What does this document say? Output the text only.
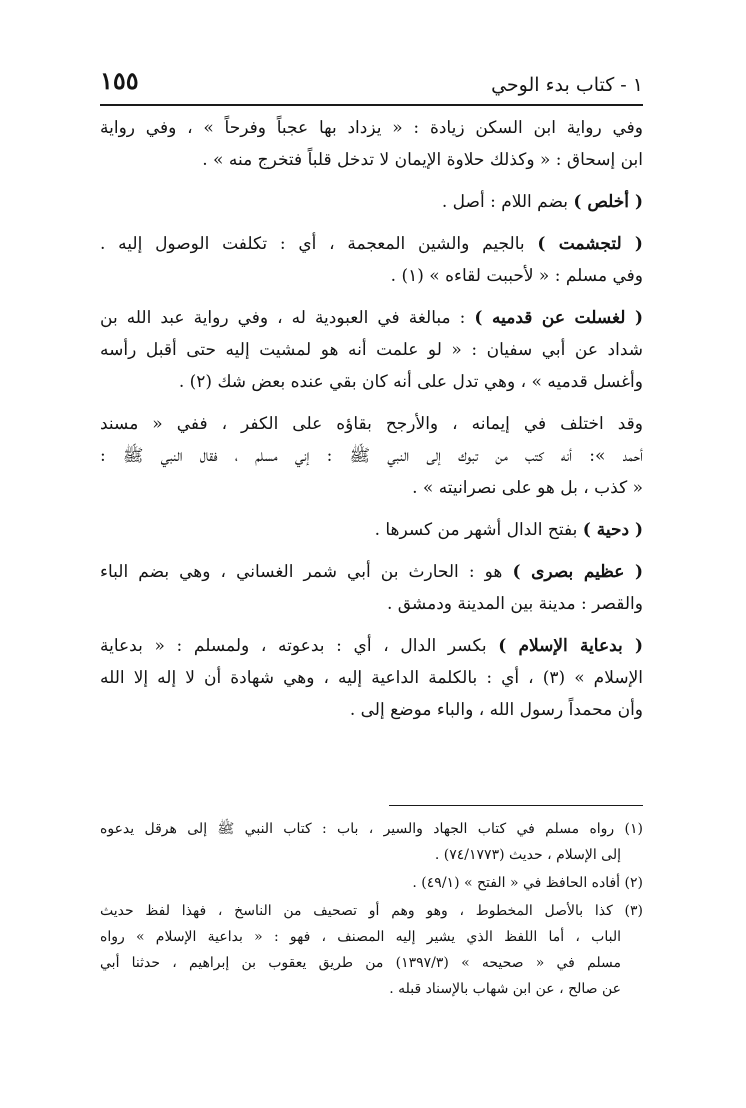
١ - كتاب بدء الوحي
١٥٥
وفي رواية ابن السكن زيادة : « يزداد بها عجباً وفرحاً » ، وفي رواية
ابن إسحاق : « وكذلك حلاوة الإيمان لا تدخل قلباً فتخرج منه » .
( أخلص ) بضم اللام : أصل .
( لتجشمت ) بالجيم والشين المعجمة ، أي : تكلفت الوصول إليه .
وفي مسلم : « لأحببت لقاءه » (١) .
( لغسلت عن قدميه ) : مبالغة في العبودية له ، وفي رواية عبد الله بن
شداد عن أبي سفيان : « لو علمت أنه هو لمشيت إليه حتى أقبل رأسه
وأغسل قدميه » ، وهي تدل على أنه كان بقي عنده بعض شك (٢) .
وقد اختلف في إيمانه ، والأرجح بقاؤه على الكفر ، ففي « مسند
أحمد »: أنه كتب من تبوك إلى النبي ﷺ : إني مسلم ، فقال النبي ﷺ :
« كذب ، بل هو على نصرانيته » .
( دحية ) بفتح الدال أشهر من كسرها .
( عظيم بصرى ) هو : الحارث بن أبي شمر الغساني ، وهي بضم الباء
والقصر : مدينة بين المدينة ودمشق .
( بدعاية الإسلام ) بكسر الدال ، أي : بدعوته ، ولمسلم : « بدعاية
الإسلام » (٣) ، أي : بالكلمة الداعية إليه ، وهي شهادة أن لا إله إلا الله
وأن محمداً رسول الله ، والباء موضع إلى .
(١) رواه مسلم في كتاب الجهاد والسير ، باب : كتاب النبي ﷺ إلى هرقل يدعوه
إلى الإسلام ، حديث (٧٤/١٧٧٣) .
(٢) أفاده الحافظ في « الفتح » (٤٩/١) .
(٣) كذا بالأصل المخطوط ، وهو وهم أو تصحيف من الناسخ ، فهذا لفظ حديث
الباب ، أما اللفظ الذي يشير إليه المصنف ، فهو : « بداعية الإسلام » رواه
مسلم في « صحيحه » (١٣٩٧/٣) من طريق يعقوب بن إبراهيم ، حدثنا أبي
عن صالح ، عن ابن شهاب بالإسناد قبله .
